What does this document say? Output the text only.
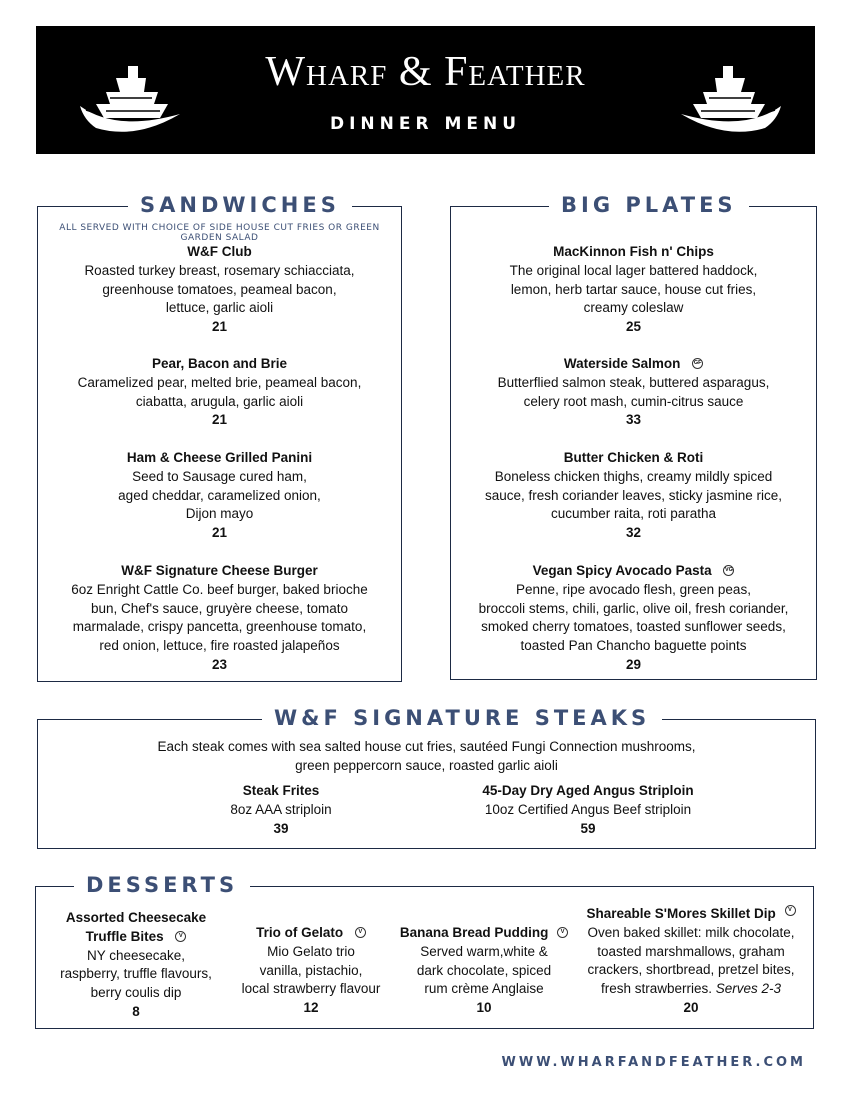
Wharf & Feather
DINNER MENU
SANDWICHES
ALL SERVED WITH CHOICE OF SIDE HOUSE CUT FRIES OR GREEN GARDEN SALAD
W&F Club
Roasted turkey breast, rosemary schiacciata,
greenhouse tomatoes, peameal bacon,
lettuce, garlic aioli
21
Pear, Bacon and Brie
Caramelized pear, melted brie, peameal bacon,
ciabatta, arugula, garlic aioli
21
Ham & Cheese Grilled Panini
Seed to Sausage cured ham,
aged cheddar, caramelized onion,
Dijon mayo
21
W&F Signature Cheese Burger
6oz Enright Cattle Co. beef burger, baked brioche
bun, Chef's sauce, gruyère cheese, tomato
marmalade, crispy pancetta, greenhouse tomato,
red onion, lettuce, fire roasted jalapeños
23
BIG PLATES
MacKinnon Fish n' Chips
The original local lager battered haddock,
lemon, herb tartar sauce, house cut fries,
creamy coleslaw
25
Waterside Salmon GF
Butterflied salmon steak, buttered asparagus,
celery root mash, cumin-citrus sauce
33
Butter Chicken & Roti
Boneless chicken thighs, creamy mildly spiced
sauce, fresh coriander leaves, sticky jasmine rice,
cucumber raita, roti paratha
32
Vegan Spicy Avocado Pasta VG
Penne, ripe avocado flesh, green peas,
broccoli stems, chili, garlic, olive oil, fresh coriander,
smoked cherry tomatoes, toasted sunflower seeds,
toasted Pan Chancho baguette points
29
W&F SIGNATURE STEAKS
Each steak comes with sea salted house cut fries, sautéed Fungi Connection mushrooms,
green peppercorn sauce, roasted garlic aioli
Steak Frites
8oz AAA striploin
39
45-Day Dry Aged Angus Striploin
10oz Certified Angus Beef striploin
59
DESSERTS
Assorted Cheesecake
Truffle Bites	V
NY cheesecake,
raspberry, truffle flavours,
berry coulis dip
8
Trio of Gelato	V
Mio Gelato trio
vanilla, pistachio,
local strawberry flavour
12
Banana Bread Pudding V
Served warm,white &
dark chocolate, spiced
rum crème Anglaise
10
Shareable S'Mores Skillet Dip V
Oven baked skillet: milk chocolate,
toasted marshmallows, graham
crackers, shortbread, pretzel bites,
fresh strawberries. Serves 2-3
20
WWW.WHARFANDFEATHER.COM
